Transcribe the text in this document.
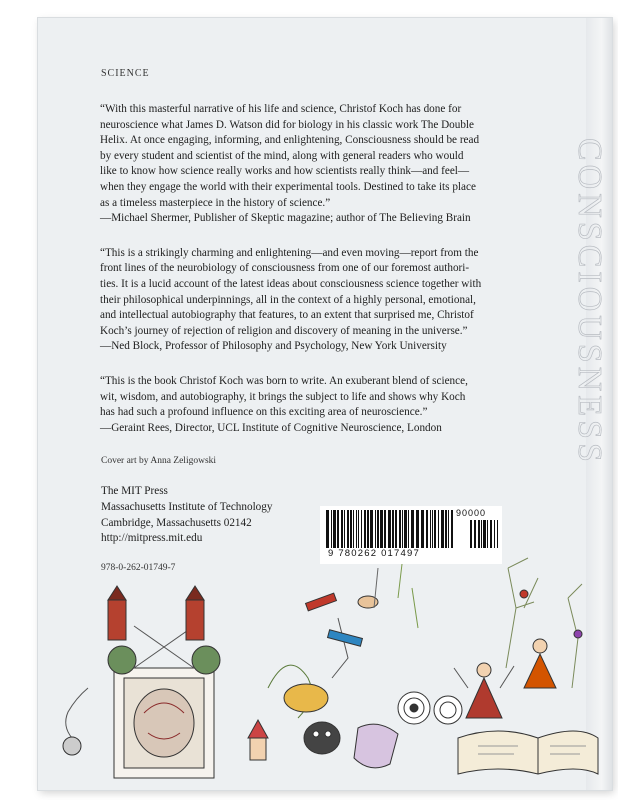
CONSCIOUSNESS
SCIENCE
“With this masterful narrative of his life and science, Christof Koch has done for
neuroscience what James D. Watson did for biology in his classic work The Double
Helix. At once engaging, informing, and enlightening, Consciousness should be read
by every student and scientist of the mind, along with general readers who would
like to know how science really works and how scientists really think—and feel—
when they engage the world with their experimental tools. Destined to take its place
as a timeless masterpiece in the history of science.”
—Michael Shermer, Publisher of Skeptic magazine; author of The Believing Brain
“This is a strikingly charming and enlightening—and even moving—report from the
front lines of the neurobiology of consciousness from one of our foremost authori-
ties. It is a lucid account of the latest ideas about consciousness science together with
their philosophical underpinnings, all in the context of a highly personal, emotional,
and intellectual autobiography that features, to an extent that surprised me, Christof
Koch’s journey of rejection of religion and discovery of meaning in the universe.”
—Ned Block, Professor of Philosophy and Psychology, New York University
“This is the book Christof Koch was born to write. An exuberant blend of science,
wit, wisdom, and autobiography, it brings the subject to life and shows why Koch
has had such a profound influence on this exciting area of neuroscience.”
—Geraint Rees, Director, UCL Institute of Cognitive Neuroscience, London
Cover art by Anna Zeligowski
The MIT Press
Massachusetts Institute of Technology
Cambridge, Massachusetts 02142
http://mitpress.mit.edu
978-0-262-01749-7
9 780262 017497
90000
